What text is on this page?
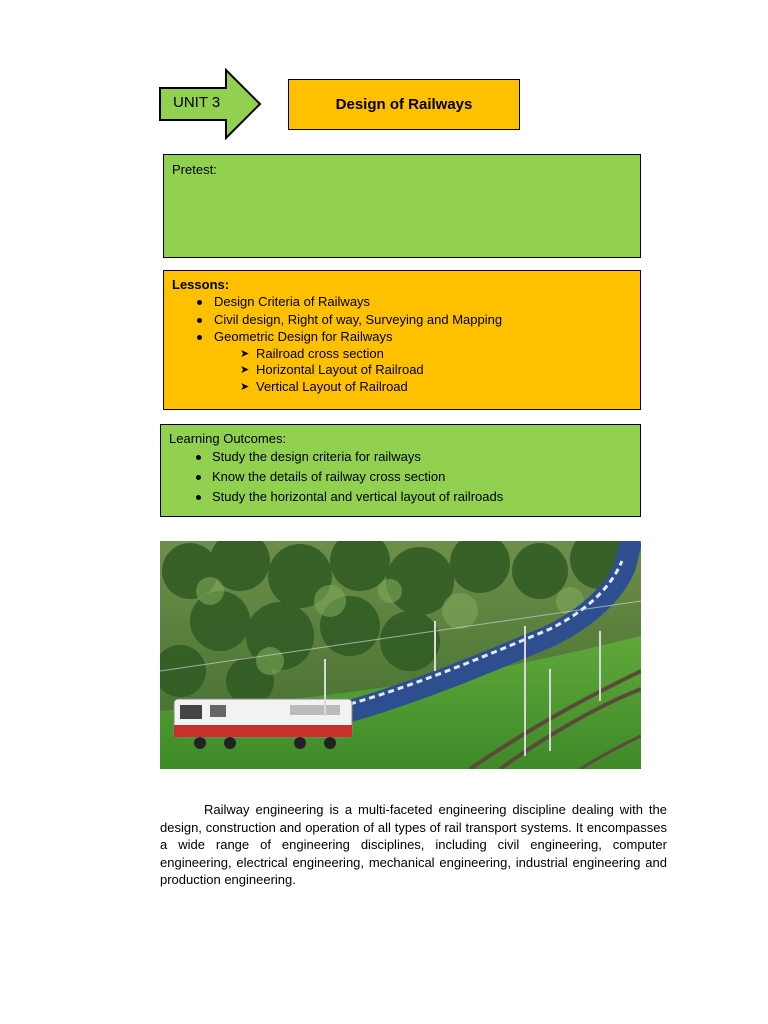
UNIT 3	Design of Railways
Pretest:
Lessons:
Design Criteria of Railways
Civil design, Right of way, Surveying and Mapping
Geometric Design for Railways
➤ Railroad cross section
➤ Horizontal Layout of Railroad
➤ Vertical Layout of Railroad
Learning Outcomes:
Study the design criteria for railways
Know the details of railway cross section
Study the horizontal and vertical layout of railroads

Railway engineering is a multi-faceted engineering discipline dealing with the design, construction and operation of all types of rail transport systems. It encompasses a wide range of engineering disciplines, including civil engineering, computer engineering, electrical engineering, mechanical engineering, industrial engineering and production engineering.
